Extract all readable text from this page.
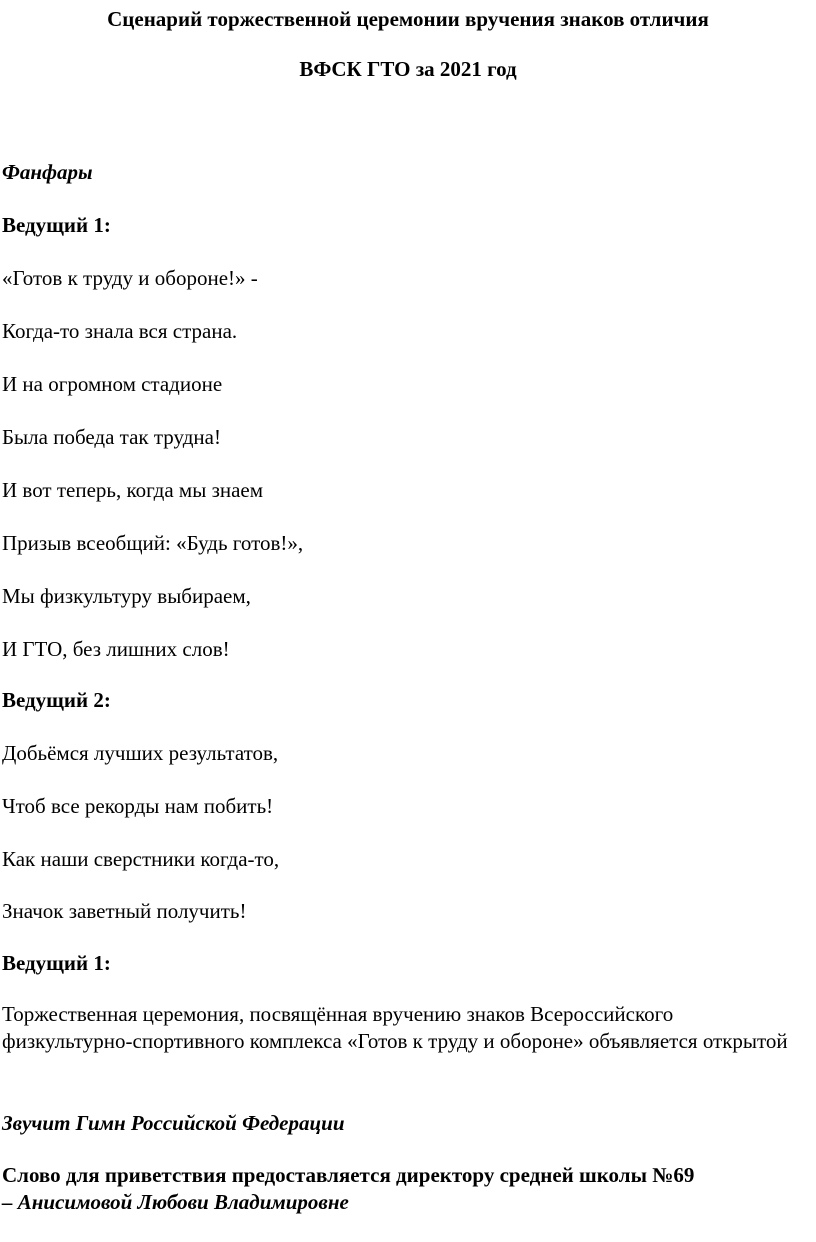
Сценарий торжественной церемонии вручения знаков отличия
ВФСК ГТО за 2021 год
Фанфары
Ведущий 1:
«Готов к труду и обороне!» -
Когда-то знала вся страна.
И на огромном стадионе
Была победа так трудна!
И вот теперь, когда мы знаем
Призыв всеобщий: «Будь готов!»,
Мы физкультуру выбираем,
И ГТО, без лишних слов!
Ведущий 2:
Добьёмся лучших результатов,
Чтоб все рекорды нам побить!
Как наши сверстники когда-то,
Значок заветный получить!
Ведущий 1:
Торжественная церемония, посвящённая вручению знаков Всероссийского физкультурно-спортивного комплекса «Готов к труду и обороне» объявляется открытой
Звучит Гимн Российской Федерации
Слово для приветствия предоставляется директору средней школы №69
– Анисимовой Любови Владимировне
